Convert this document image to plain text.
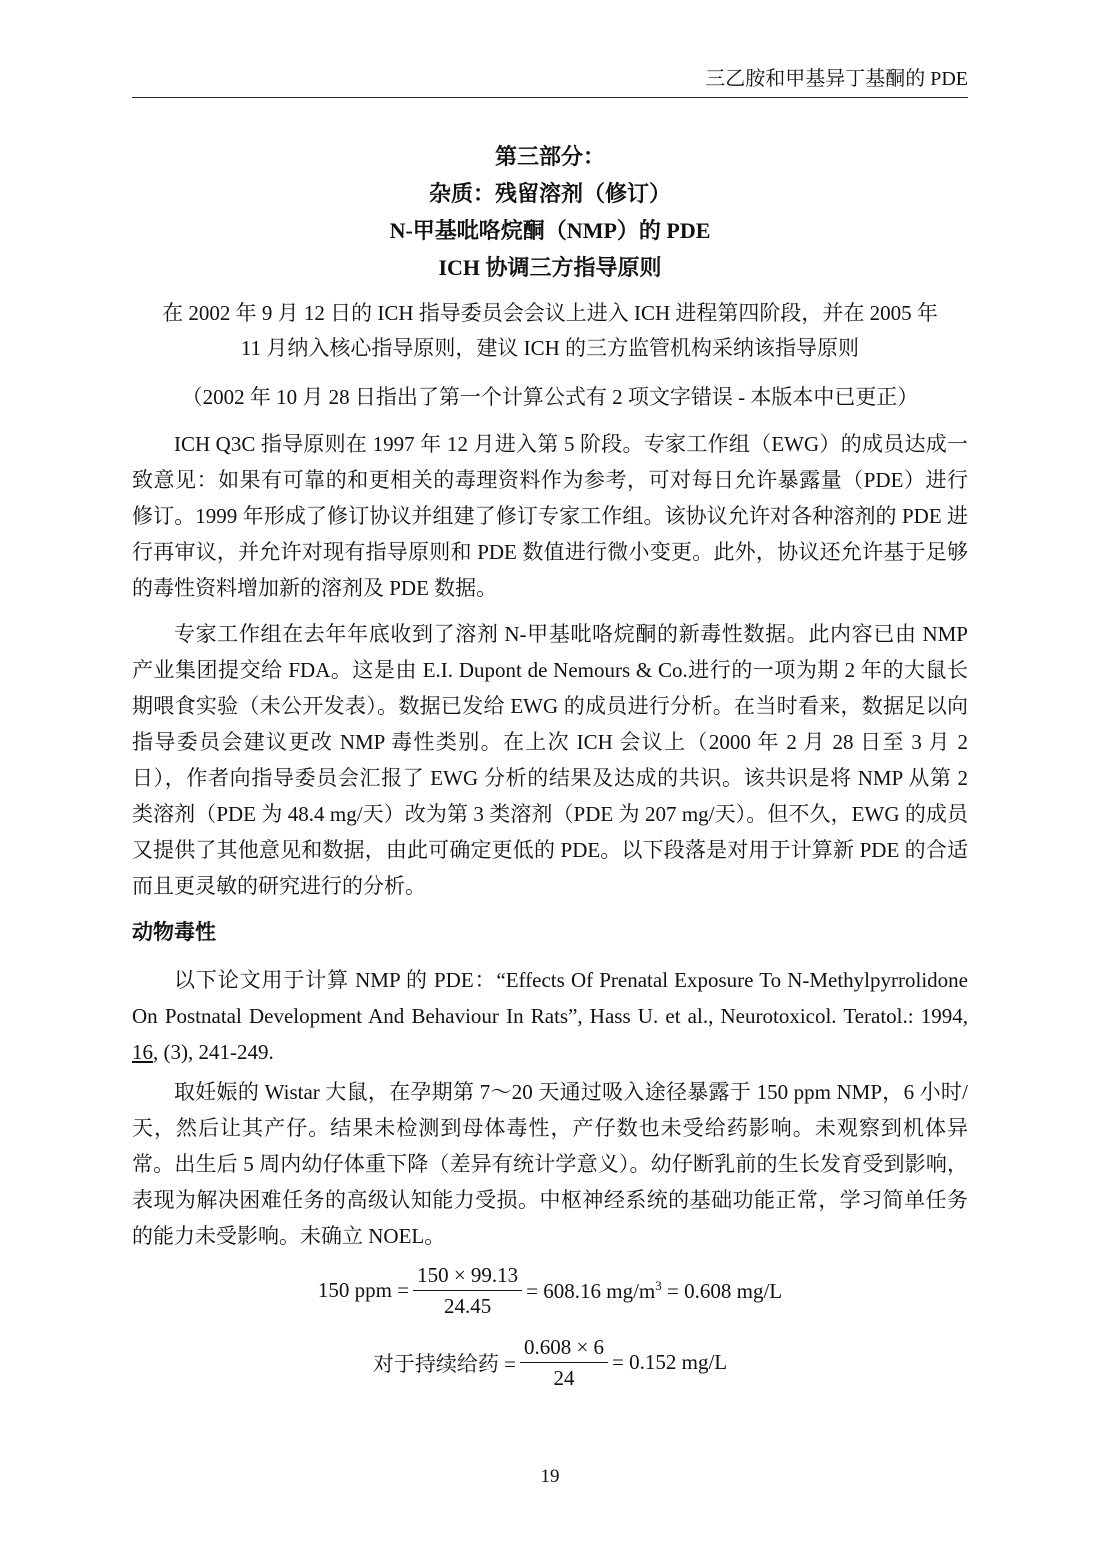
三乙胺和甲基异丁基酮的 PDE
第三部分：
杂质：残留溶剂（修订）
N-甲基吡咯烷酮（NMP）的 PDE
ICH 协调三方指导原则
在 2002 年 9 月 12 日的 ICH 指导委员会会议上进入 ICH 进程第四阶段，并在 2005 年
11 月纳入核心指导原则，建议 ICH 的三方监管机构采纳该指导原则
（2002 年 10 月 28 日指出了第一个计算公式有 2 项文字错误 - 本版本中已更正）

ICH Q3C 指导原则在 1997 年 12 月进入第 5 阶段。专家工作组（EWG）的成员达成一致意见：如果有可靠的和更相关的毒理资料作为参考，可对每日允许暴露量（PDE）进行修订。1999 年形成了修订协议并组建了修订专家工作组。该协议允许对各种溶剂的 PDE 进行再审议，并允许对现有指导原则和 PDE 数值进行微小变更。此外，协议还允许基于足够的毒性资料增加新的溶剂及 PDE 数据。

专家工作组在去年年底收到了溶剂 N-甲基吡咯烷酮的新毒性数据。此内容已由 NMP 产业集团提交给 FDA。这是由 E.I. Dupont de Nemours & Co.进行的一项为期 2 年的大鼠长期喂食实验（未公开发表）。数据已发给 EWG 的成员进行分析。在当时看来，数据足以向指导委员会建议更改 NMP 毒性类别。在上次 ICH 会议上（2000 年 2 月 28 日至 3 月 2 日），作者向指导委员会汇报了 EWG 分析的结果及达成的共识。该共识是将 NMP 从第 2 类溶剂（PDE 为 48.4 mg/天）改为第 3 类溶剂（PDE 为 207 mg/天）。但不久，EWG 的成员又提供了其他意见和数据，由此可确定更低的 PDE。以下段落是对用于计算新 PDE 的合适而且更灵敏的研究进行的分析。

动物毒性

以下论文用于计算 NMP 的 PDE：“Effects Of Prenatal Exposure To N-Methylpyrrolidone On Postnatal Development And Behaviour In Rats”, Hass U. et al., Neurotoxicol. Teratol.: 1994, 16, (3), 241-249.

取妊娠的 Wistar 大鼠，在孕期第 7～20 天通过吸入途径暴露于 150 ppm NMP，6 小时/天，然后让其产仔。结果未检测到母体毒性，产仔数也未受给药影响。未观察到机体异常。出生后 5 周内幼仔体重下降（差异有统计学意义）。幼仔断乳前的生长发育受到影响，表现为解决困难任务的高级认知能力受损。中枢神经系统的基础功能正常，学习简单任务的能力未受影响。未确立 NOEL。

150 ppm = $\frac{150 \times 99.13}{24.45} = 608.16$ $mg/m^3 = 0.608$ mg/L
对于持续给药 = $\frac{0.608 \times 6}{24} = 0.152$ mg/L
19
